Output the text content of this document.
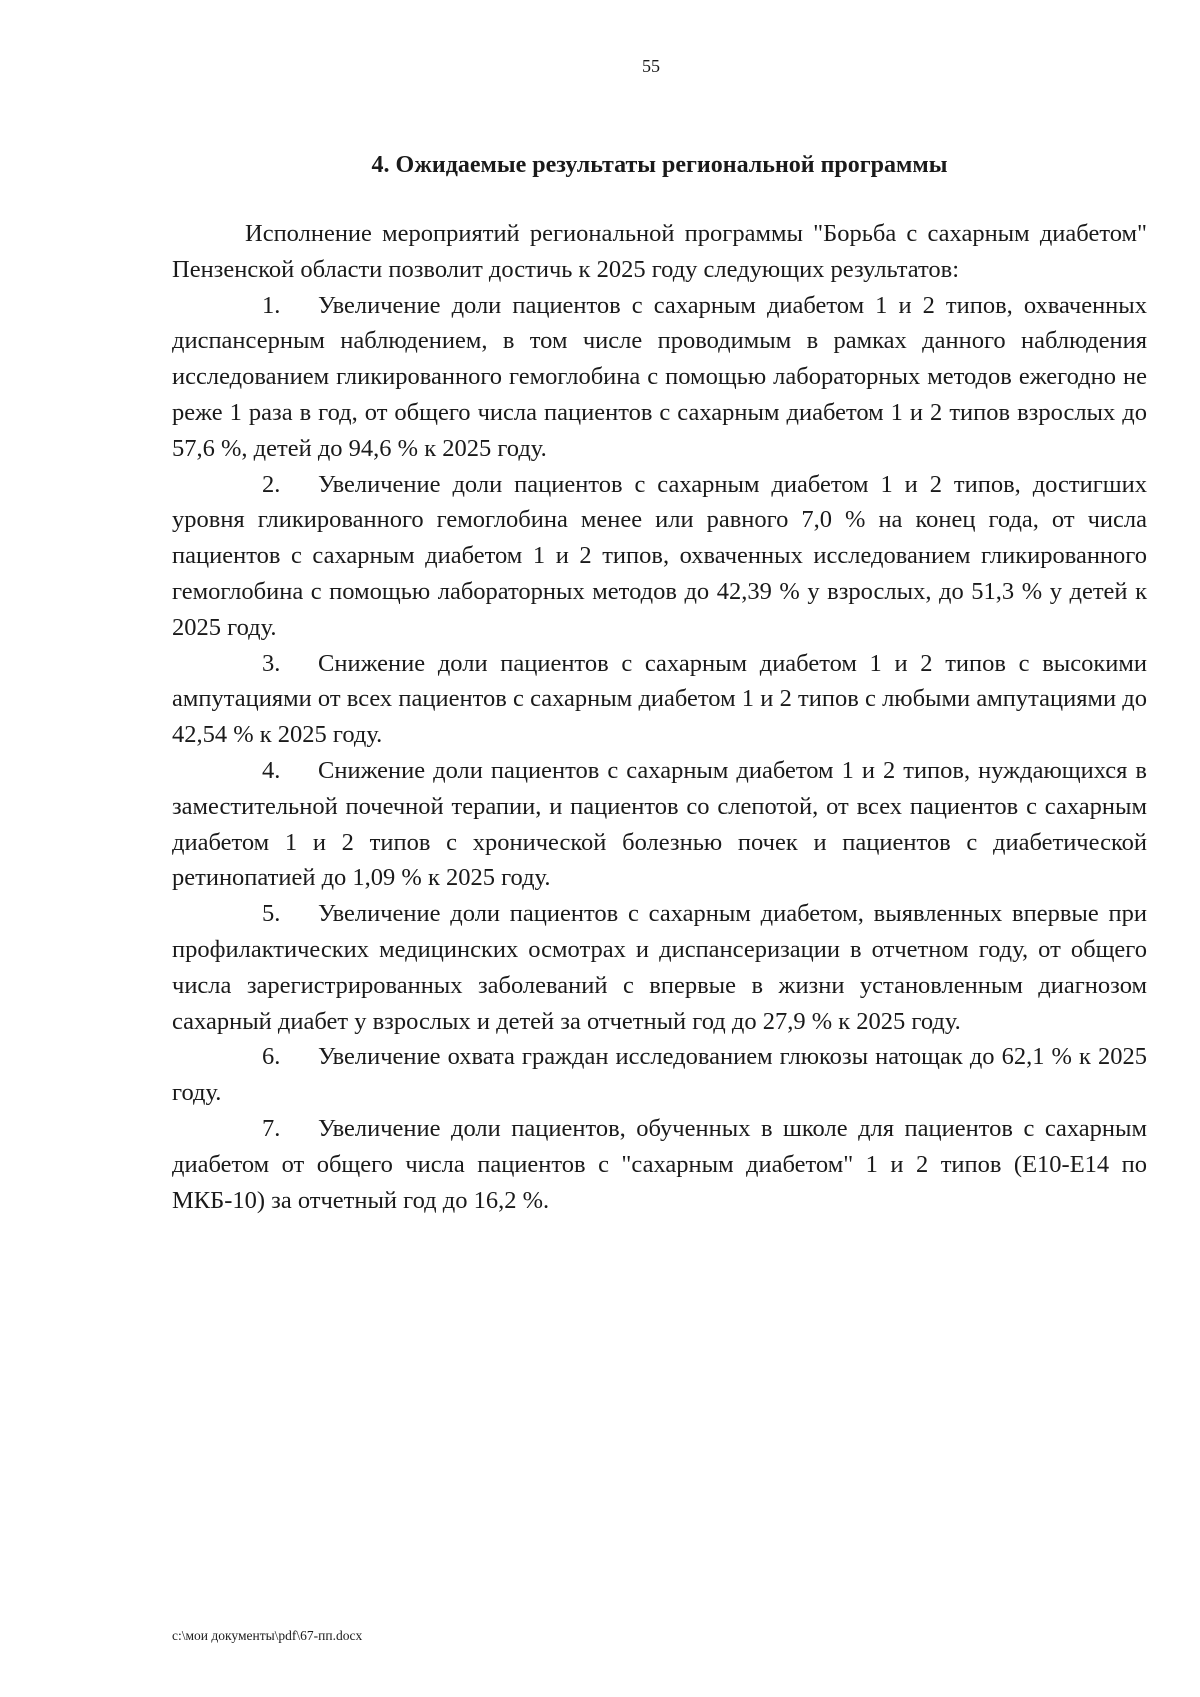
55
4. Ожидаемые результаты региональной программы

Исполнение мероприятий региональной программы "Борьба с сахарным диабетом" Пензенской области позволит достичь к 2025 году следующих результатов:

1. Увеличение доли пациентов с сахарным диабетом 1 и 2 типов, охваченных диспансерным наблюдением, в том числе проводимым в рамках данного наблюдения исследованием гликированного гемоглобина с помощью лабораторных методов ежегодно не реже 1 раза в год, от общего числа пациентов с сахарным диабетом 1 и 2 типов взрослых до 57,6 %, детей до 94,6 % к 2025 году.

2. Увеличение доли пациентов с сахарным диабетом 1 и 2 типов, достигших уровня гликированного гемоглобина менее или равного 7,0 % на конец года, от числа пациентов с сахарным диабетом 1 и 2 типов, охваченных исследованием гликированного гемоглобина с помощью лабораторных методов до 42,39 % у взрослых, до 51,3 % у детей к 2025 году.

3. Снижение доли пациентов с сахарным диабетом 1 и 2 типов с высокими ампутациями от всех пациентов с сахарным диабетом 1 и 2 типов с любыми ампутациями до 42,54 % к 2025 году.

4. Снижение доли пациентов с сахарным диабетом 1 и 2 типов, нуждающихся в заместительной почечной терапии, и пациентов со слепотой, от всех пациентов с сахарным диабетом 1 и 2 типов с хронической болезнью почек и пациентов с диабетической ретинопатией до 1,09 % к 2025 году.

5. Увеличение доли пациентов с сахарным диабетом, выявленных впервые при профилактических медицинских осмотрах и диспансеризации в отчетном году, от общего числа зарегистрированных заболеваний с впервые в жизни установленным диагнозом сахарный диабет у взрослых и детей за отчетный год до 27,9 % к 2025 году.

6. Увеличение охвата граждан исследованием глюкозы натощак до 62,1 % к 2025 году.

7. Увеличение доли пациентов, обученных в школе для пациентов с сахарным диабетом от общего числа пациентов с "сахарным диабетом" 1 и 2 типов (Е10-Е14 по МКБ-10) за отчетный год до 16,2 %.

c:\мои документы\pdf\67-пп.docx
